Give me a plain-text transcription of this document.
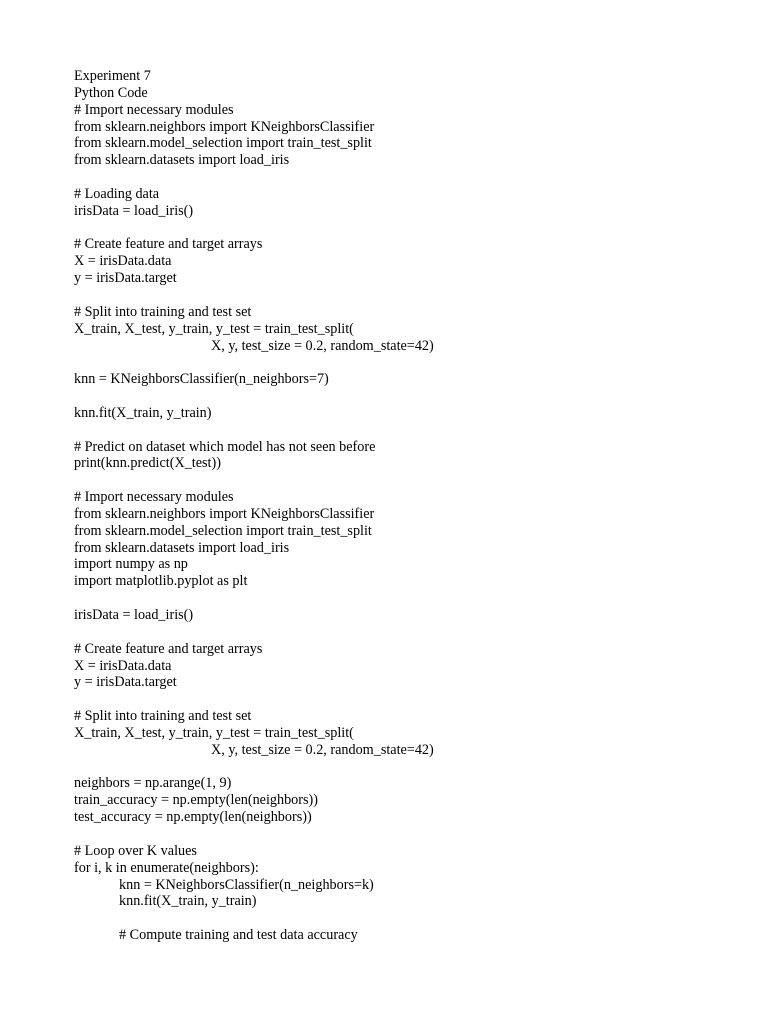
Experiment 7
Python Code
# Import necessary modules
from sklearn.neighbors import KNeighborsClassifier
from sklearn.model_selection import train_test_split
from sklearn.datasets import load_iris
# Loading data
irisData = load_iris()
# Create feature and target arrays
X = irisData.data
y = irisData.target
# Split into training and test set
X_train, X_test, y_train, y_test = train_test_split(
X, y, test_size = 0.2, random_state=42)
knn = KNeighborsClassifier(n_neighbors=7)
knn.fit(X_train, y_train)
# Predict on dataset which model has not seen before
print(knn.predict(X_test))
# Import necessary modules
from sklearn.neighbors import KNeighborsClassifier
from sklearn.model_selection import train_test_split
from sklearn.datasets import load_iris
import numpy as np
import matplotlib.pyplot as plt
irisData = load_iris()
# Create feature and target arrays
X = irisData.data
y = irisData.target
# Split into training and test set
X_train, X_test, y_train, y_test = train_test_split(
X, y, test_size = 0.2, random_state=42)
neighbors = np.arange(1, 9)
train_accuracy = np.empty(len(neighbors))
test_accuracy = np.empty(len(neighbors))
# Loop over K values
for i, k in enumerate(neighbors):
knn = KNeighborsClassifier(n_neighbors=k)
knn.fit(X_train, y_train)
# Compute training and test data accuracy
